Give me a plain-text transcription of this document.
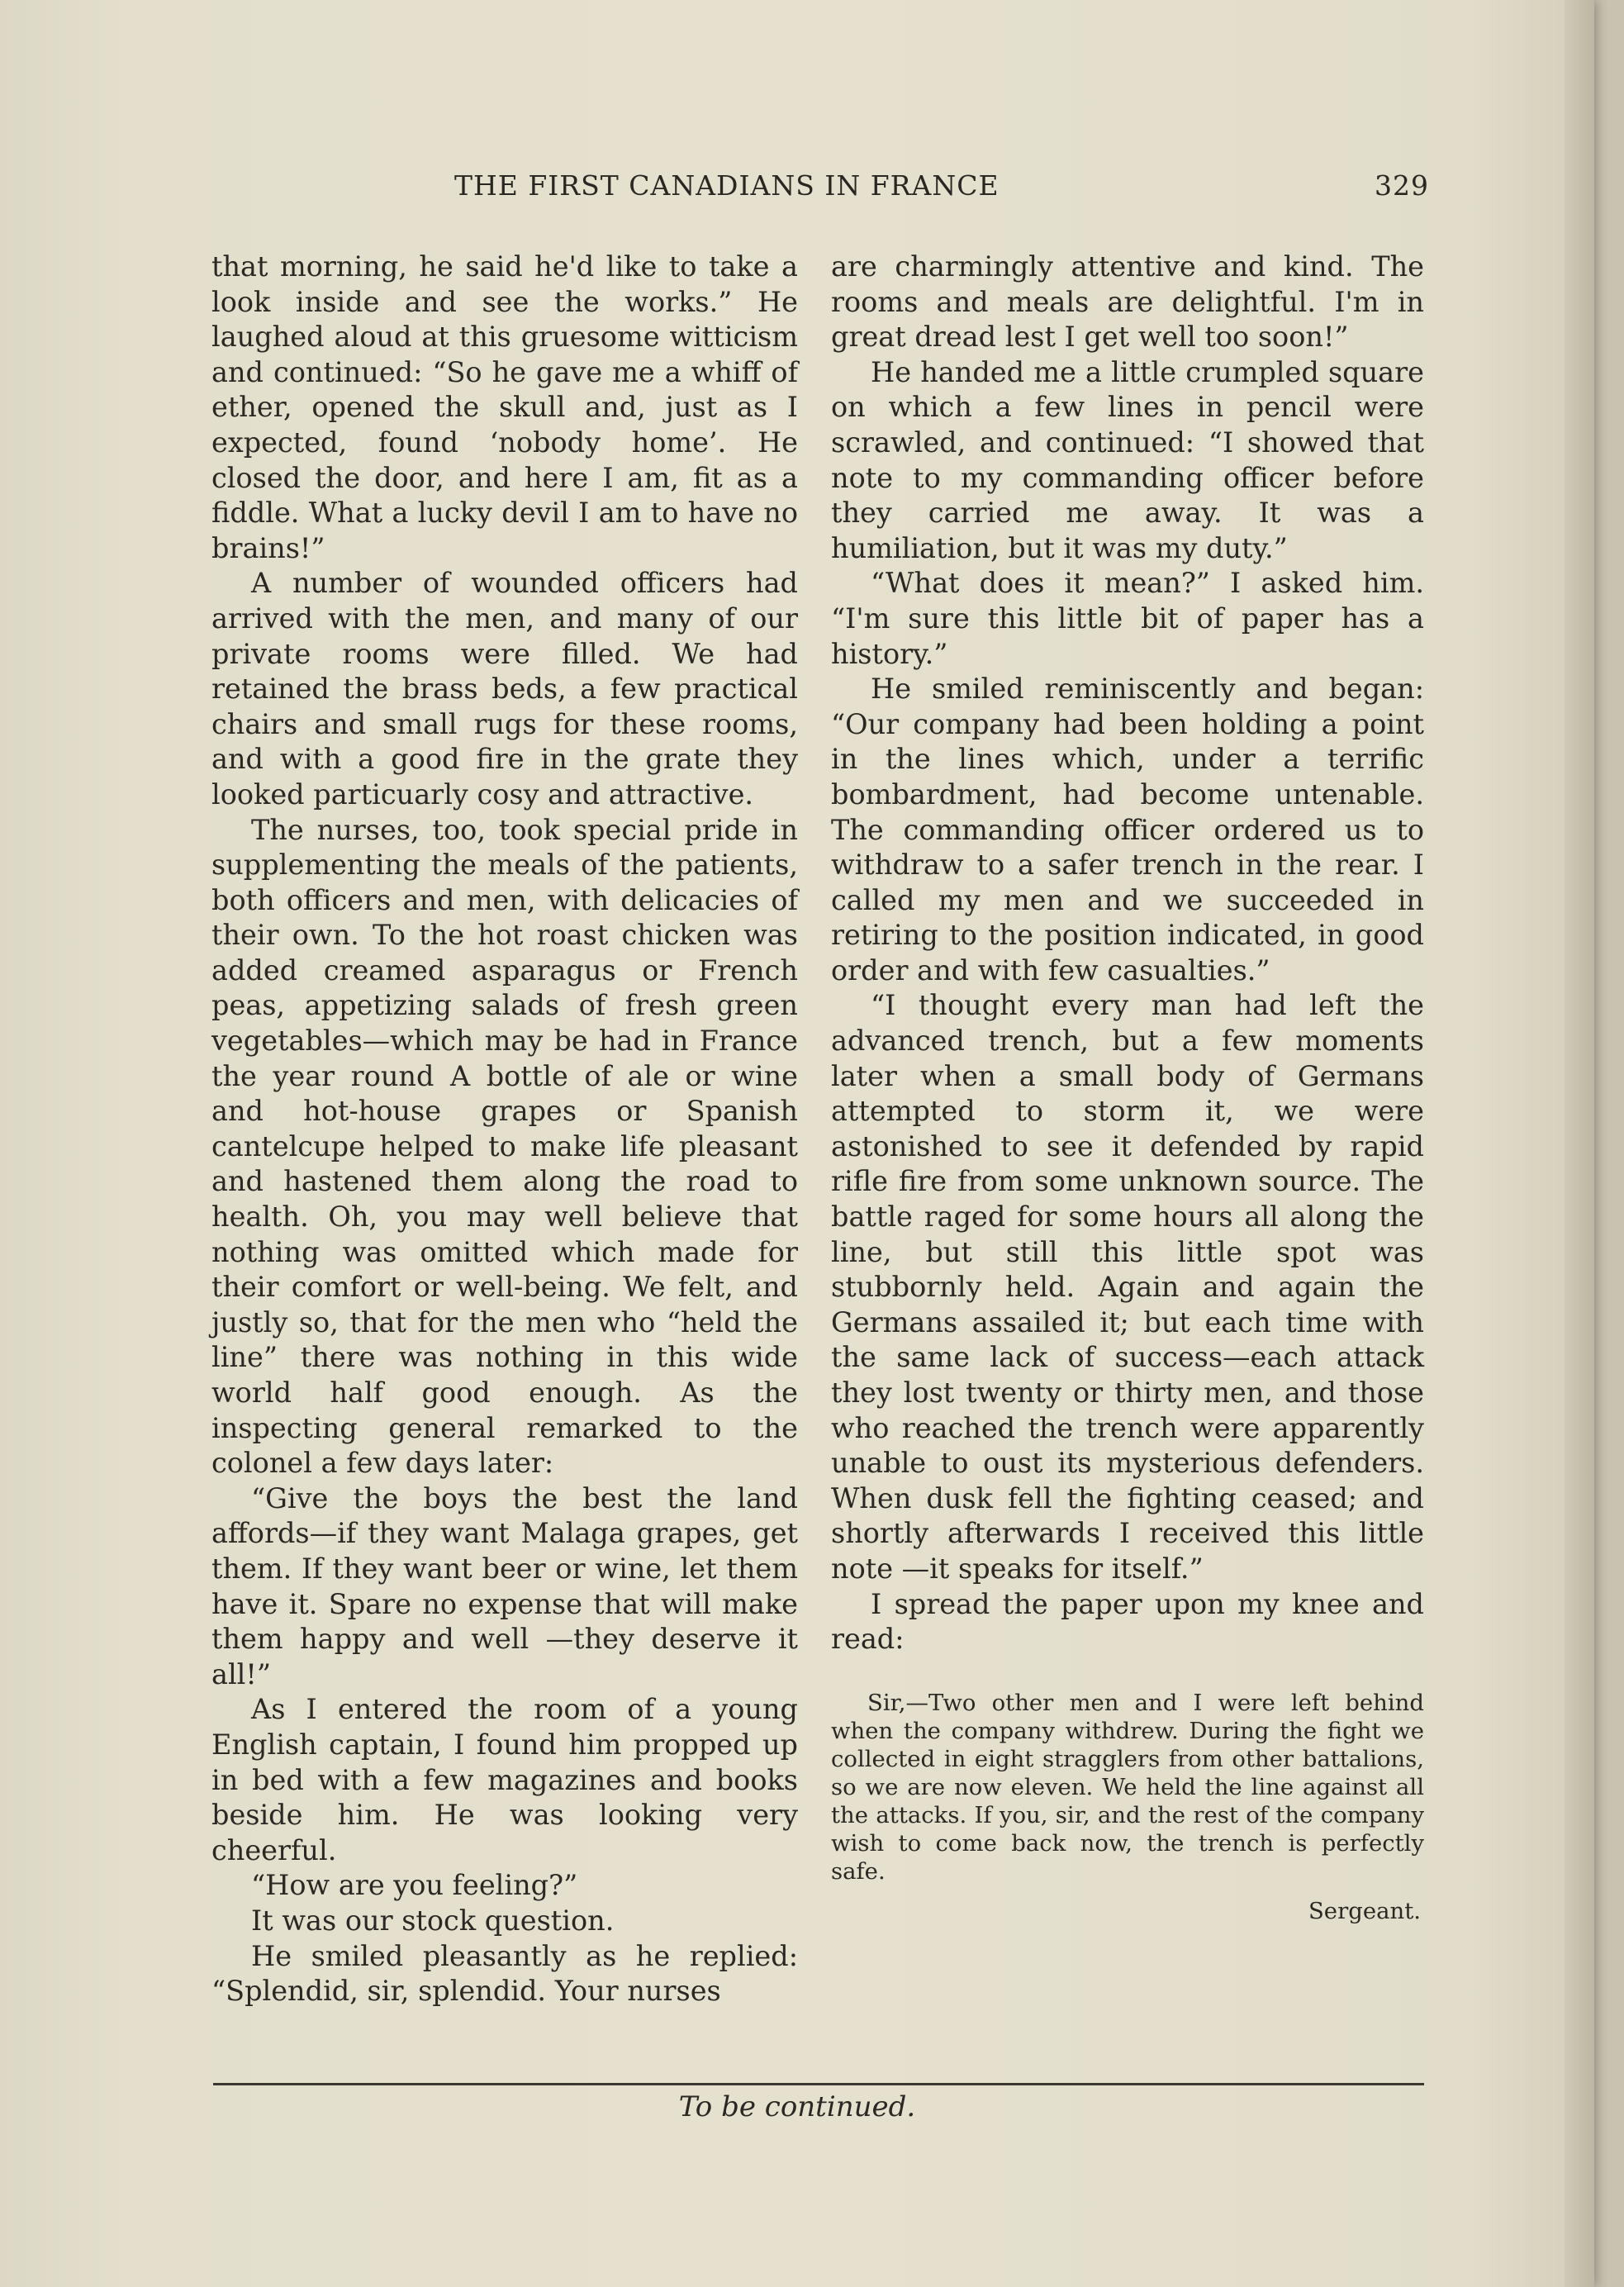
THE FIRST CANADIANS IN FRANCE	329

that morning, he said he'd like to take a look inside and see the works.” He laughed aloud at this gruesome witticism and continued: “So he gave me a whiff of ether, opened the skull and, just as I expected, found ‘nobody home’. He closed the door, and here I am, fit as a fiddle. What a lucky devil I am to have no brains!”

A number of wounded officers had arrived with the men, and many of our private rooms were filled. We had retained the brass beds, a few practical chairs and small rugs for these rooms, and with a good fire in the grate they looked particuarly cosy and attractive.

The nurses, too, took special pride in supplementing the meals of the patients, both officers and men, with delicacies of their own. To the hot roast chicken was added creamed asparagus or French peas, appetizing salads of fresh green vegetables—which may be had in France the year round A bottle of ale or wine and hot-house grapes or Spanish cantelcupe helped to make life pleasant and hastened them along the road to health. Oh, you may well believe that nothing was omitted which made for their comfort or well-being. We felt, and justly so, that for the men who “held the line” there was nothing in this wide world half good enough. As the inspecting general remarked to the colonel a few days later:

“Give the boys the best the land affords—if they want Malaga grapes, get them. If they want beer or wine, let them have it. Spare no expense that will make them happy and well —they deserve it all!”

As I entered the room of a young English captain, I found him propped up in bed with a few magazines and books beside him. He was looking very cheerful.

“How are you feeling?”

It was our stock question.

He smiled pleasantly as he replied: “Splendid, sir, splendid. Your nurses

are charmingly attentive and kind. The rooms and meals are delightful. I'm in great dread lest I get well too soon!”

He handed me a little crumpled square on which a few lines in pencil were scrawled, and continued: “I showed that note to my commanding officer before they carried me away. It was a humiliation, but it was my duty.”

“What does it mean?” I asked him. “I'm sure this little bit of paper has a history.”

He smiled reminiscently and began: “Our company had been holding a point in the lines which, under a terrific bombardment, had become untenable. The commanding officer ordered us to withdraw to a safer trench in the rear. I called my men and we succeeded in retiring to the position indicated, in good order and with few casualties.”

“I thought every man had left the advanced trench, but a few moments later when a small body of Germans attempted to storm it, we were astonished to see it defended by rapid rifle fire from some unknown source. The battle raged for some hours all along the line, but still this little spot was stubbornly held. Again and again the Germans assailed it; but each time with the same lack of success—each attack they lost twenty or thirty men, and those who reached the trench were apparently unable to oust its mysterious defenders. When dusk fell the fighting ceased; and shortly afterwards I received this little note —it speaks for itself.”

I spread the paper upon my knee and read:

Sir,—Two other men and I were left behind when the company withdrew. During the fight we collected in eight stragglers from other battalions, so we are now eleven. We held the line against all the attacks. If you, sir, and the rest of the company wish to come back now, the trench is perfectly safe.

Sergeant.

To be continued.
